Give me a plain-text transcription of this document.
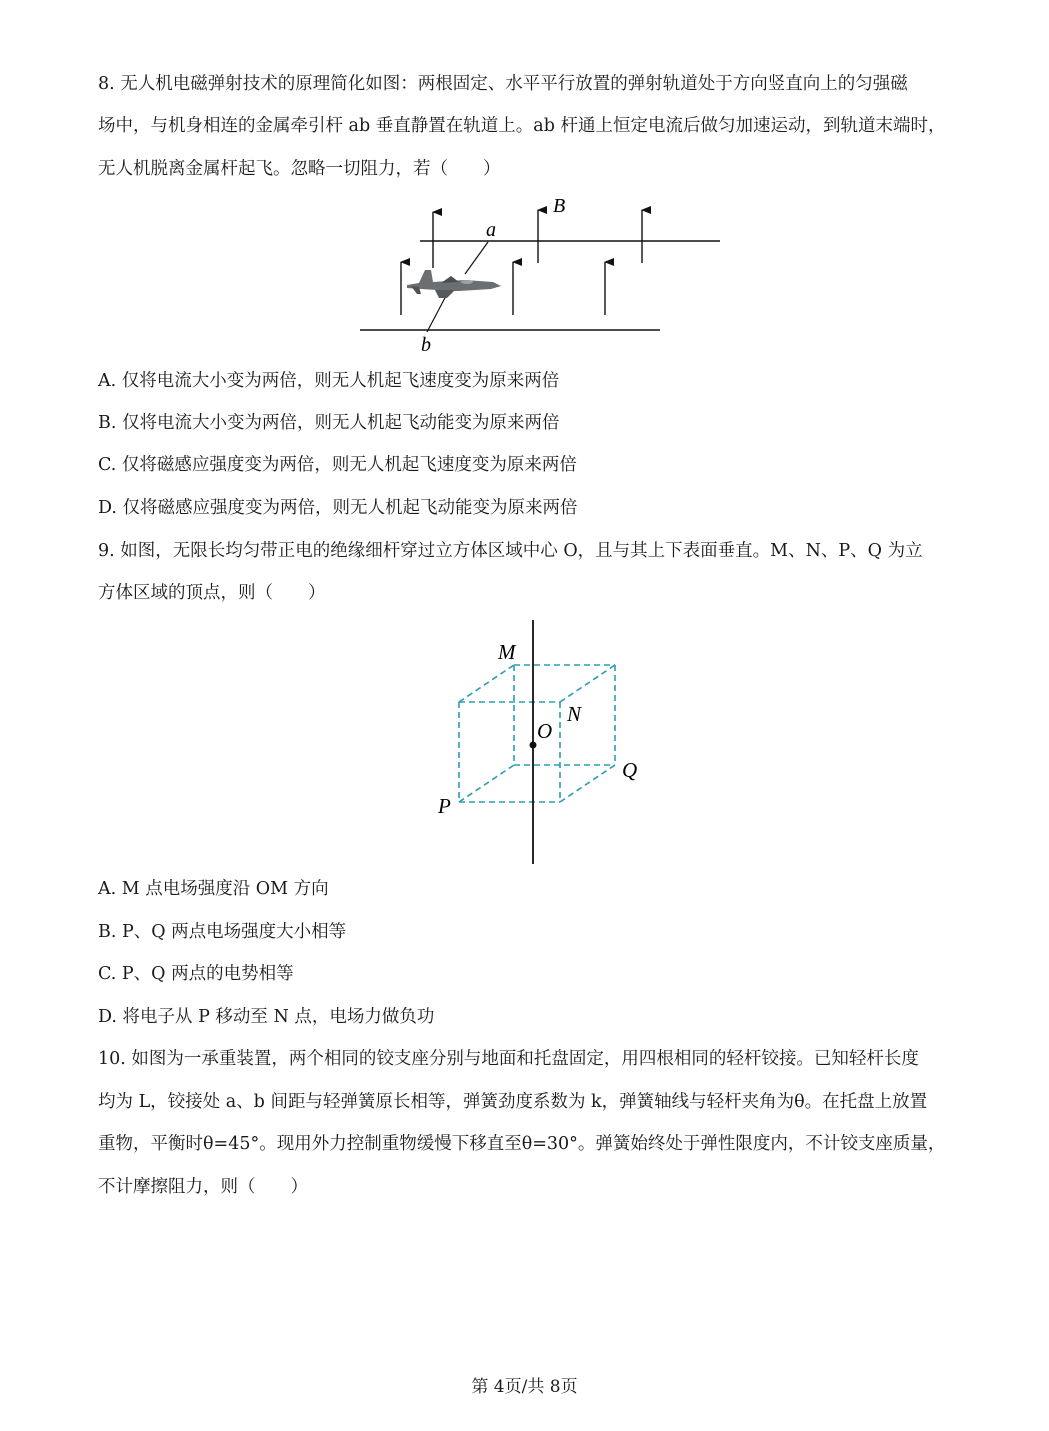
8. 无人机电磁弹射技术的原理简化如图：两根固定、水平平行放置的弹射轨道处于方向竖直向上的匀强磁

场中，与机身相连的金属牵引杆 ab 垂直静置在轨道上。ab 杆通上恒定电流后做匀加速运动，到轨道末端时，

无人机脱离金属杆起飞。忽略一切阻力，若（　　）

B
a
b

A. 仅将电流大小变为两倍，则无人机起飞速度变为原来两倍

B. 仅将电流大小变为两倍，则无人机起飞动能变为原来两倍

C. 仅将磁感应强度变为两倍，则无人机起飞速度变为原来两倍

D. 仅将磁感应强度变为两倍，则无人机起飞动能变为原来两倍

9. 如图，无限长均匀带正电的绝缘细杆穿过立方体区域中心 O，且与其上下表面垂直。M、N、P、Q 为立

方体区域的顶点，则（　　）

M
N
O
Q
P

A. M 点电场强度沿 OM 方向

B. P、Q 两点电场强度大小相等

C. P、Q 两点的电势相等

D. 将电子从 P 移动至 N 点，电场力做负功

10. 如图为一承重装置，两个相同的铰支座分别与地面和托盘固定，用四根相同的轻杆铰接。已知轻杆长度

均为 L，铰接处 a、b 间距与轻弹簧原长相等，弹簧劲度系数为 k，弹簧轴线与轻杆夹角为θ。在托盘上放置

重物，平衡时θ=45°。现用外力控制重物缓慢下移直至θ=30°。弹簧始终处于弹性限度内，不计铰支座质量，

不计摩擦阻力，则（　　）

第 4页/共 8页
